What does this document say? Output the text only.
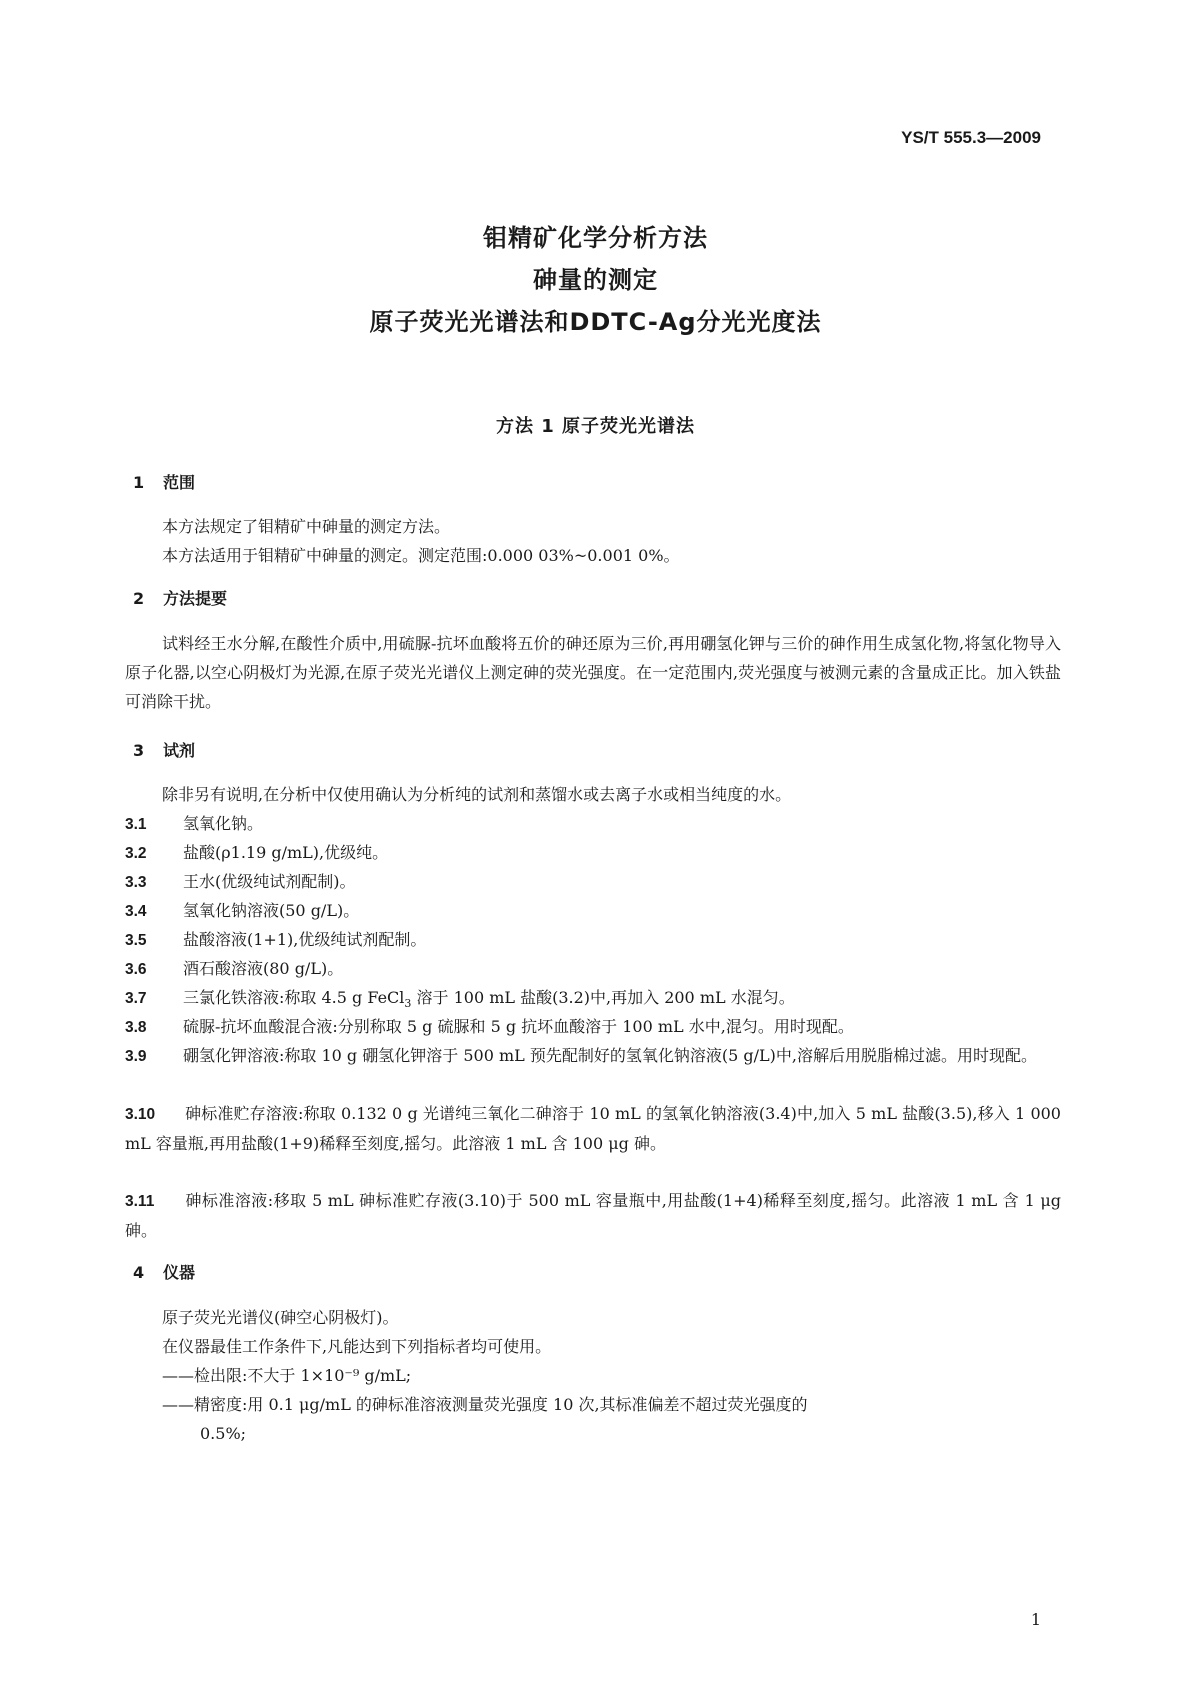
YS/T 555.3—2009
钼精矿化学分析方法
砷量的测定
原子荧光光谱法和DDTC-Ag分光光度法
方法 1 原子荧光光谱法
1 范围
本方法规定了钼精矿中砷量的测定方法。
本方法适用于钼精矿中砷量的测定。测定范围:0.000 03%~0.001 0%。
2 方法提要
试料经王水分解,在酸性介质中,用硫脲-抗坏血酸将五价的砷还原为三价,再用硼氢化钾与三价的砷作用生成氢化物,将氢化物导入原子化器,以空心阴极灯为光源,在原子荧光光谱仪上测定砷的荧光强度。在一定范围内,荧光强度与被测元素的含量成正比。加入铁盐可消除干扰。
3 试剂
除非另有说明,在分析中仅使用确认为分析纯的试剂和蒸馏水或去离子水或相当纯度的水。
3.1 氢氧化钠。
3.2 盐酸(ρ1.19 g/mL),优级纯。
3.3 王水(优级纯试剂配制)。
3.4 氢氧化钠溶液(50 g/L)。
3.5 盐酸溶液(1+1),优级纯试剂配制。
3.6 酒石酸溶液(80 g/L)。
3.7 三氯化铁溶液:称取 4.5 g FeCl$_3$ 溶于 100 mL 盐酸(3.2)中,再加入 200 mL 水混匀。
3.8 硫脲-抗坏血酸混合液:分别称取 5 g 硫脲和 5 g 抗坏血酸溶于 100 mL 水中,混匀。用时现配。
3.9 硼氢化钾溶液:称取 10 g 硼氢化钾溶于 500 mL 预先配制好的氢氧化钠溶液(5 g/L)中,溶解后用脱脂棉过滤。用时现配。
3.10 砷标准贮存溶液:称取 0.132 0 g 光谱纯三氧化二砷溶于 10 mL 的氢氧化钠溶液(3.4)中,加入 5 mL 盐酸(3.5),移入 1 000 mL 容量瓶,再用盐酸(1+9)稀释至刻度,摇匀。此溶液 1 mL 含 100 μg 砷。
3.11 砷标准溶液:移取 5 mL 砷标准贮存液(3.10)于 500 mL 容量瓶中,用盐酸(1+4)稀释至刻度,摇匀。此溶液 1 mL 含 1 μg 砷。
4 仪器
原子荧光光谱仪(砷空心阴极灯)。
在仪器最佳工作条件下,凡能达到下列指标者均可使用。
——检出限:不大于 1×10⁻⁹ g/mL;
——精密度:用 0.1 μg/mL 的砷标准溶液测量荧光强度 10 次,其标准偏差不超过荧光强度的
0.5%;
1
